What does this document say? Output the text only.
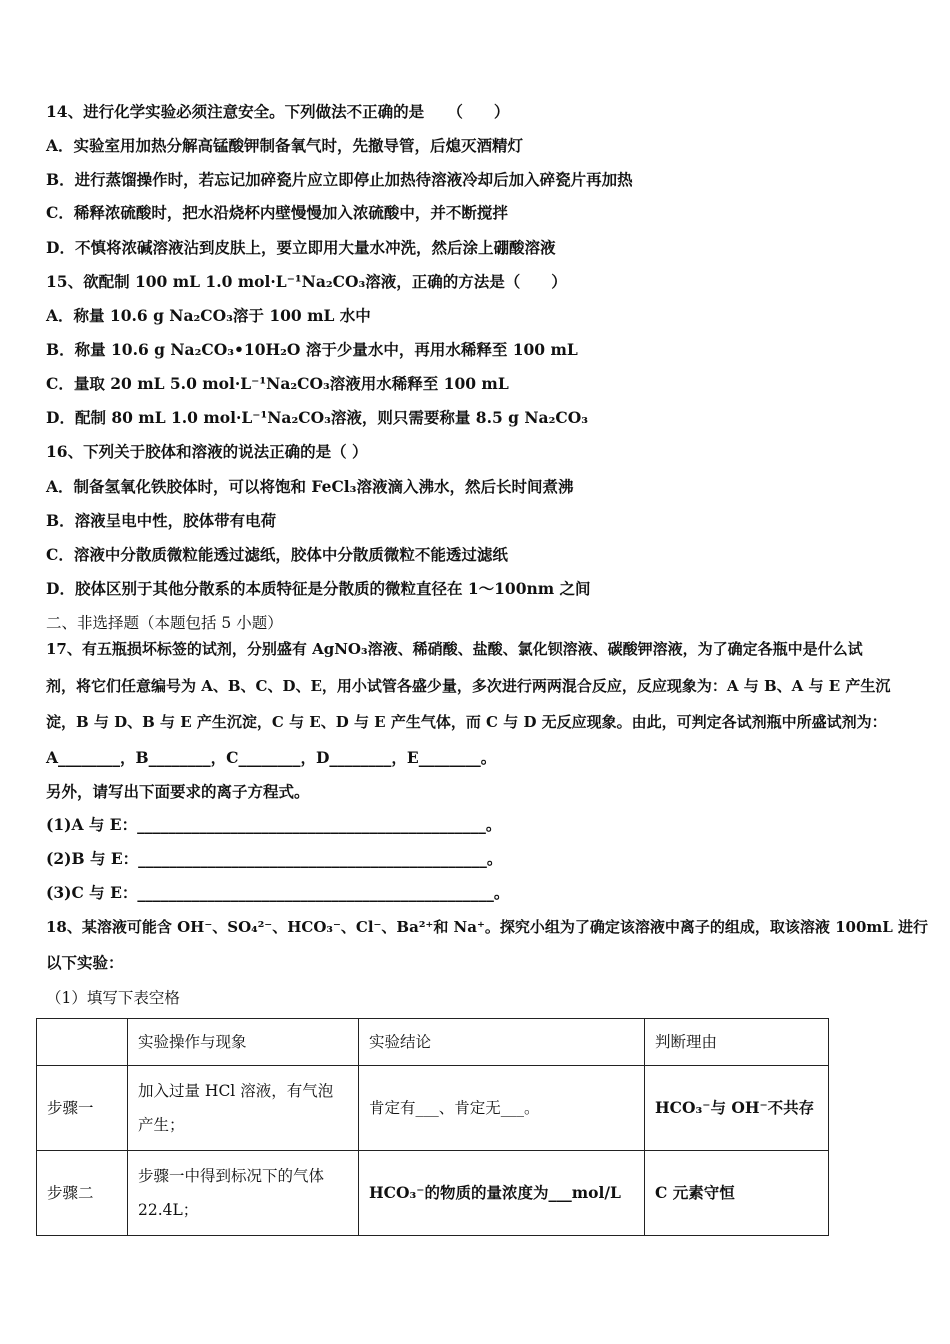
14、进行化学实验必须注意安全。下列做法不正确的是　　（　　）
A．实验室用加热分解高锰酸钾制备氧气时，先撤导管，后熄灭酒精灯
B．进行蒸馏操作时，若忘记加碎瓷片应立即停止加热待溶液冷却后加入碎瓷片再加热
C．稀释浓硫酸时，把水沿烧杯内壁慢慢加入浓硫酸中，并不断搅拌
D．不慎将浓碱溶液沾到皮肤上，要立即用大量水冲洗，然后涂上硼酸溶液
15、欲配制 100 mL 1.0 mol·L⁻¹Na₂CO₃溶液，正确的方法是（　　）
A．称量 10.6 g Na₂CO₃溶于 100 mL 水中
B．称量 10.6 g Na₂CO₃•10H₂O 溶于少量水中，再用水稀释至 100 mL
C．量取 20 mL 5.0 mol·L⁻¹Na₂CO₃溶液用水稀释至 100 mL
D．配制 80 mL 1.0 mol·L⁻¹Na₂CO₃溶液，则只需要称量 8.5 g Na₂CO₃
16、下列关于胶体和溶液的说法正确的是（ ）
A．制备氢氧化铁胶体时，可以将饱和 FeCl₃溶液滴入沸水，然后长时间煮沸
B．溶液呈电中性，胶体带有电荷
C．溶液中分散质微粒能透过滤纸，胶体中分散质微粒不能透过滤纸
D．胶体区别于其他分散系的本质特征是分散质的微粒直径在 1～100nm 之间
二、非选择题（本题包括 5 小题）
17、有五瓶损坏标签的试剂，分别盛有 AgNO₃溶液、稀硝酸、盐酸、氯化钡溶液、碳酸钾溶液，为了确定各瓶中是什么试
剂，将它们任意编号为 A、B、C、D、E，用小试管各盛少量，多次进行两两混合反应，反应现象为：A 与 B、A 与 E 产生沉
淀，B 与 D、B 与 E 产生沉淀，C 与 E、D 与 E 产生气体，而 C 与 D 无反应现象。由此，可判定各试剂瓶中所盛试剂为：
A________，B________，C________，D________，E________。
另外，请写出下面要求的离子方程式。
(1)A 与 E：_____________________________________________。
(2)B 与 E：_____________________________________________。
(3)C 与 E：______________________________________________。
18、某溶液可能含 OH⁻、SO₄²⁻、HCO₃⁻、Cl⁻、Ba²⁺和 Na⁺。探究小组为了确定该溶液中离子的组成，取该溶液 100mL 进行
以下实验：
（1）填写下表空格
	实验操作与现象	实验结论	判断理由
步骤一	加入过量 HCl 溶液，有气泡产生；	肯定有___、肯定无___。	HCO₃⁻与 OH⁻不共存
步骤二	步骤一中得到标况下的气体 22.4L；	HCO₃⁻的物质的量浓度为___mol/L	C 元素守恒
